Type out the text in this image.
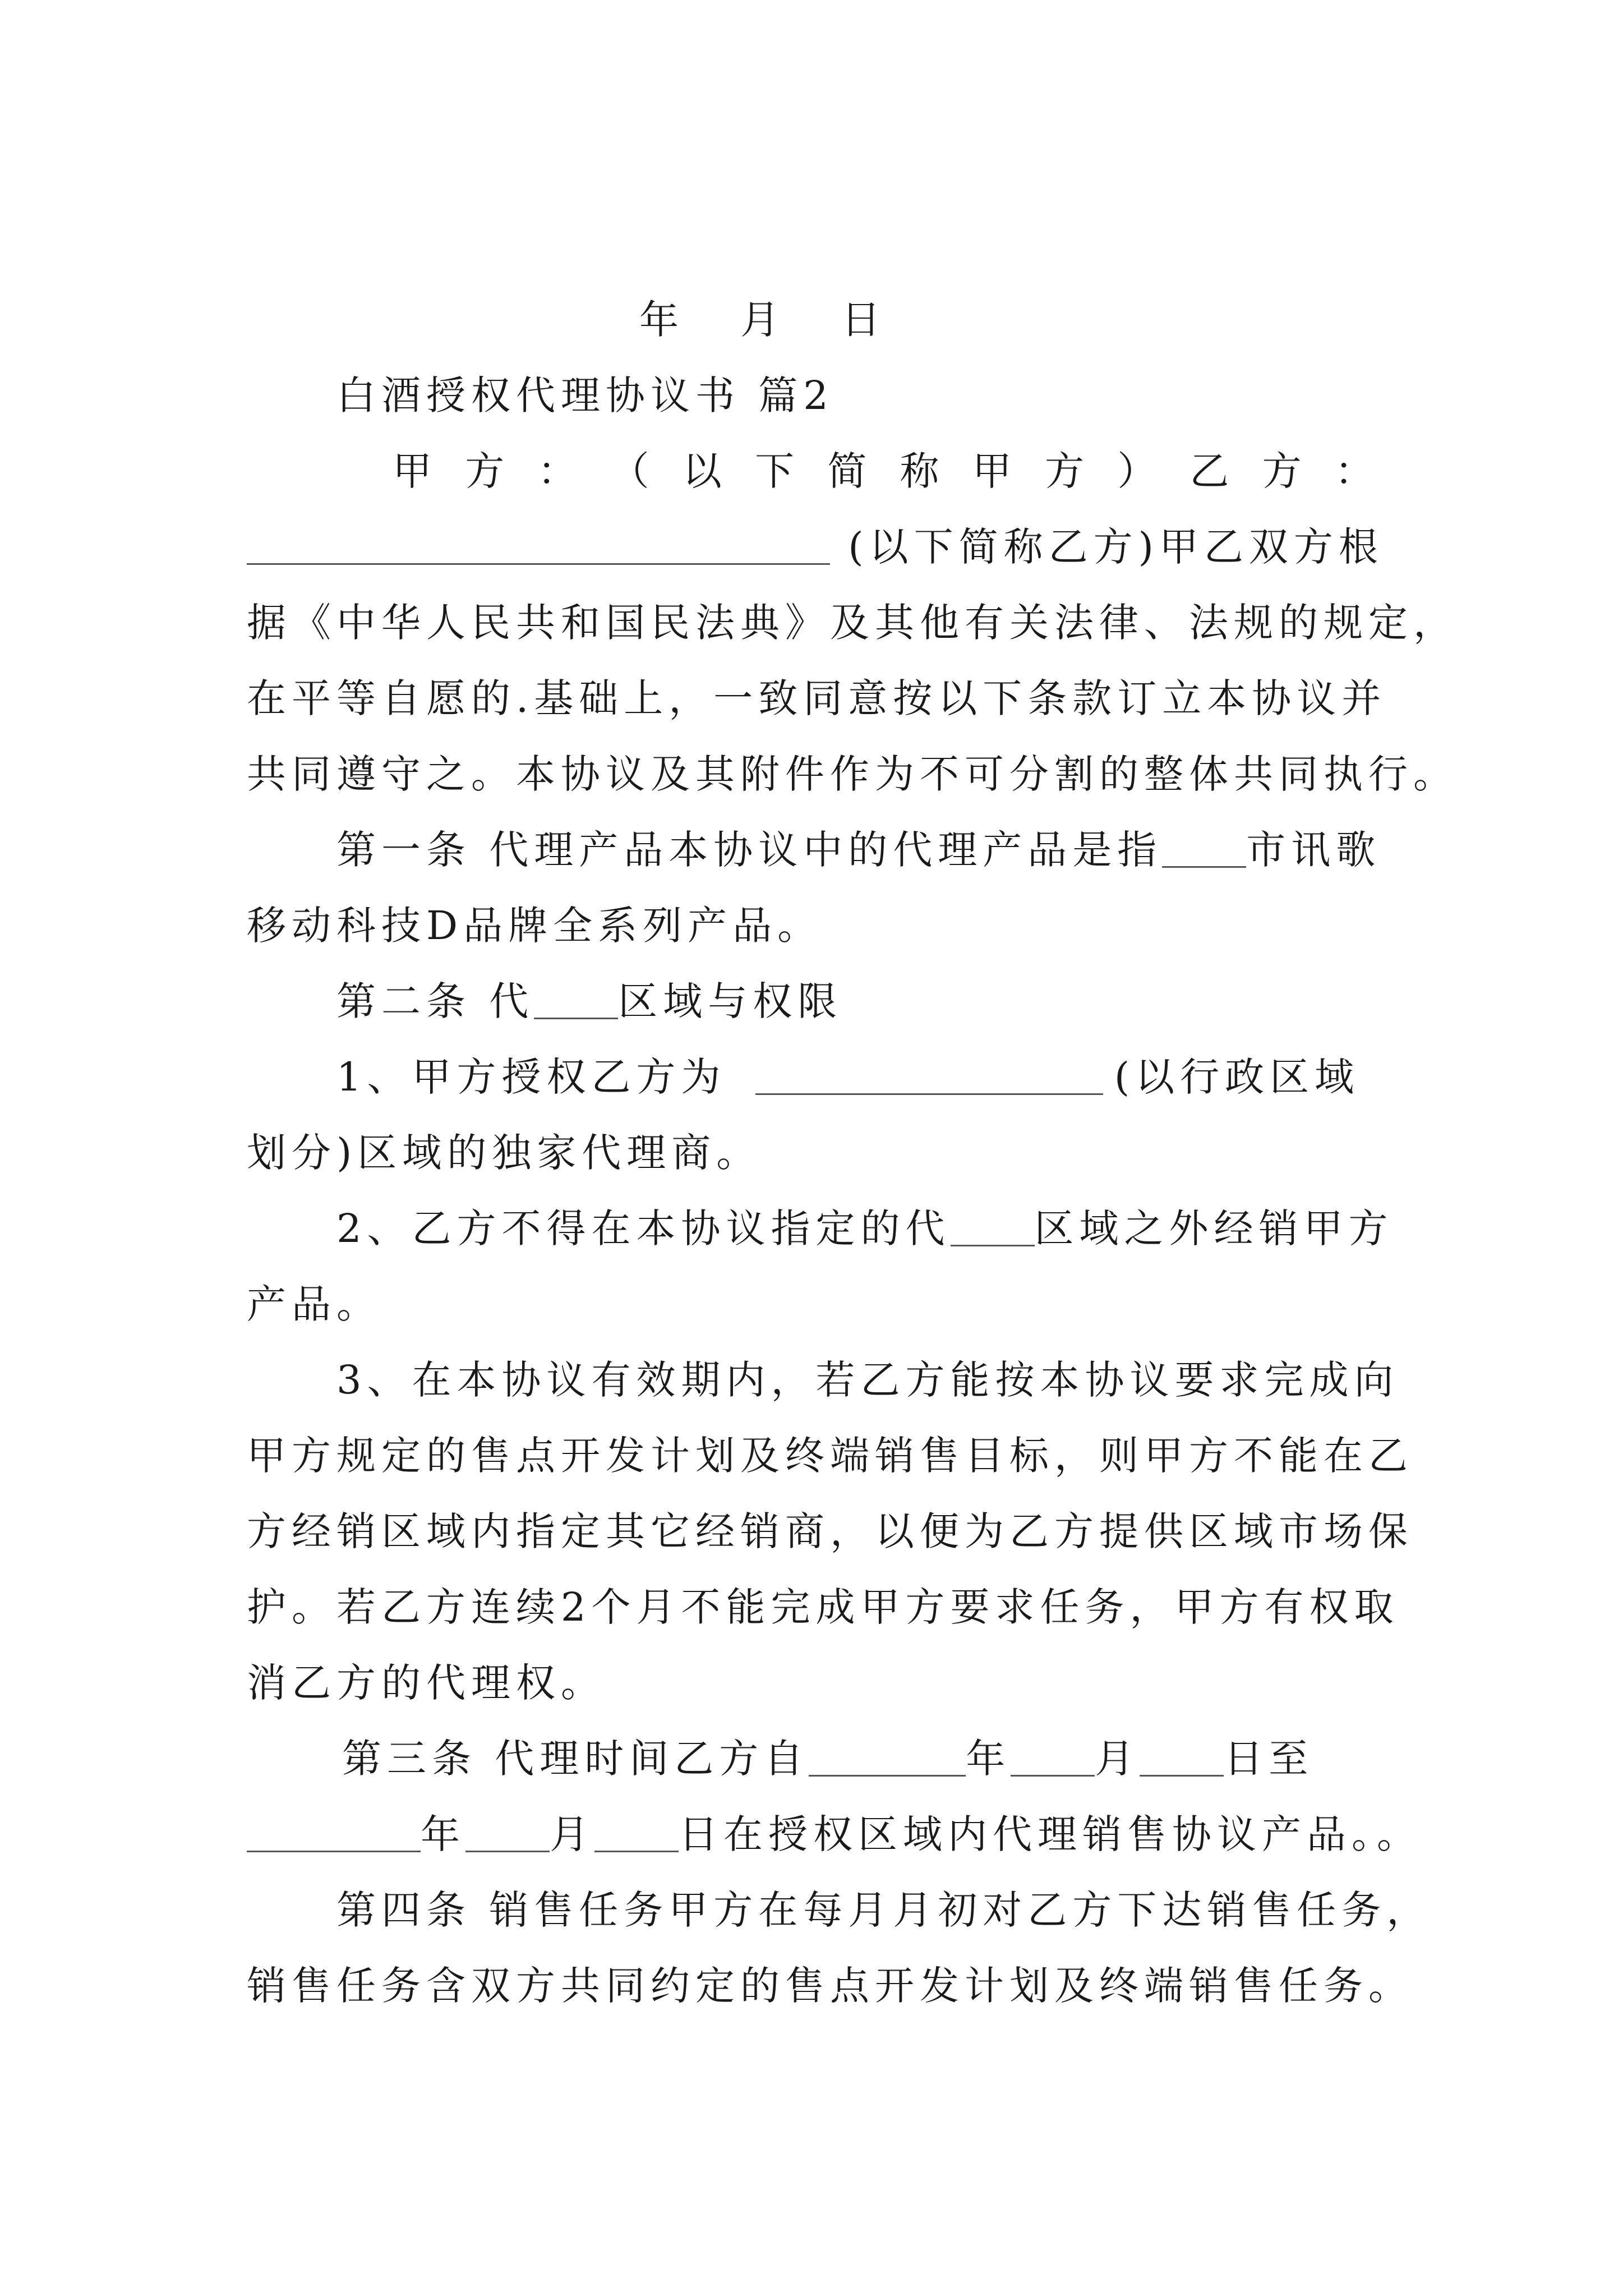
年 月 日
白酒授权代理协议书 篇2
甲 方 ： （ 以 下 简 称 甲 方 ） 乙 方 ：
(以下简称乙方)甲乙双方根
据《中华人民共和国民法典》及其他有关法律、法规的规定，
在平等自愿的.基础上，一致同意按以下条款订立本协议并
共同遵守之。本协议及其附件作为不可分割的整体共同执行。
第一条 代理产品本协议中的代理产品是指 市讯歌
移动科技D品牌全系列产品。
第二条 代 区域与权限
1、甲方授权乙方为	(以行政区域
划分)区域的独家代理商。
2、乙方不得在本协议指定的代 区域之外经销甲方
产品。
3、在本协议有效期内，若乙方能按本协议要求完成向
甲方规定的售点开发计划及终端销售目标，则甲方不能在乙
方经销区域内指定其它经销商，以便为乙方提供区域市场保
护。若乙方连续2个月不能完成甲方要求任务，甲方有权取
消乙方的代理权。
第三条 代理时间乙方自	年 月 日至
年 月 日在授权区域内代理销售协议产品。。
第四条 销售任务甲方在每月月初对乙方下达销售任务，
销售任务含双方共同约定的售点开发计划及终端销售任务。
